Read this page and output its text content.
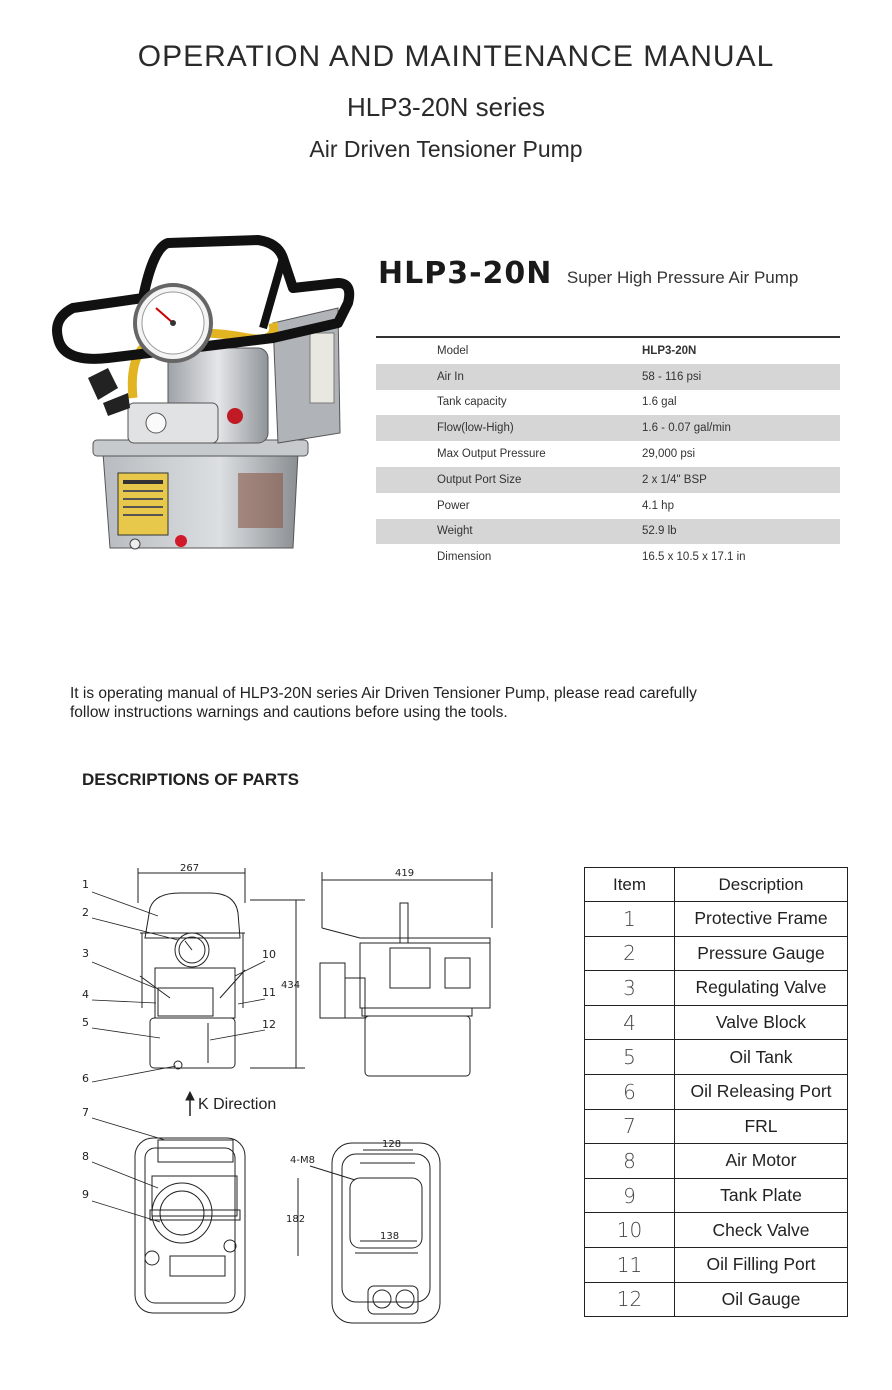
OPERATION AND MAINTENANCE MANUAL
HLP3-20N series
Air Driven Tensioner Pump
HLP3-20N Super High Pressure Air Pump
Model	HLP3-20N
Air In	58 - 116 psi
Tank capacity	1.6 gal
Flow(low-High)	1.6 - 0.07 gal/min
Max Output Pressure	29,000 psi
Output Port Size	2 x 1/4" BSP
Power	4.1 hp
Weight	52.9 lb
Dimension	16.5 x 10.5 x 17.1 in
It is operating manual of HLP3-20N series Air Driven Tensioner Pump, please read carefully follow instructions warnings and cautions before using the tools.
DESCRIPTIONS OF PARTS
267
434
1
2
3
4
5
6
10
11
12
419
K Direction
7
8
9
128
138
182
4-M8
Item	Description
1	Protective Frame
2	Pressure Gauge
3	Regulating Valve
4	Valve Block
5	Oil Tank
6	Oil Releasing Port
7	FRL
8	Air Motor
9	Tank Plate
10	Check Valve
11	Oil Filling Port
12	Oil Gauge
